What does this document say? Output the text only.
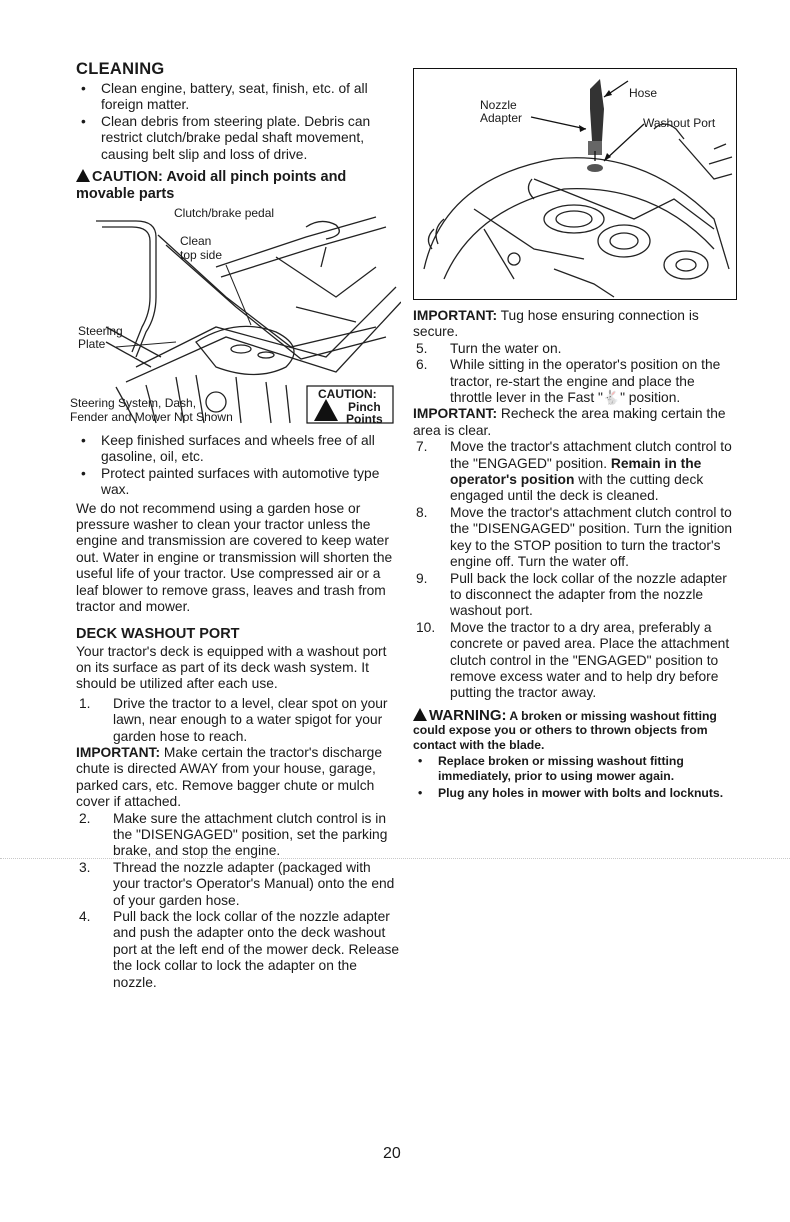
CLEANING
• Clean engine, battery, seat, finish, etc. of all foreign matter.
• Clean debris from steering plate. Debris can restrict clutch/brake pedal shaft movement, causing belt slip and loss of drive.
CAUTION: Avoid all pinch points and movable parts
Clutch/brake pedal
Clean
top side
Steering
Plate
Steering System, Dash,
Fender and Mower Not Shown
CAUTION:
Pinch
Points
• Keep finished surfaces and wheels free of all gasoline, oil, etc.
• Protect painted surfaces with automotive type wax.

We do not recommend using a garden hose or pressure washer to clean your tractor unless the engine and transmission are covered to keep water out. Water in engine or transmission will shorten the useful life of your tractor. Use compressed air or a leaf blower to remove grass, leaves and trash from tractor and mower.

DECK WASHOUT PORT

Your tractor's deck is equipped with a washout port on its surface as part of its deck wash system. It should be utilized after each use.

1. Drive the tractor to a level, clear spot on your lawn, near enough to a water spigot for your garden hose to reach.

IMPORTANT: Make certain the tractor's discharge chute is directed AWAY from your house, garage, parked cars, etc. Remove bagger chute or mulch cover if attached.

2. Make sure the attachment clutch control is in the "DISENGAGED" position, set the parking brake, and stop the engine.
3. Thread the nozzle adapter (packaged with your tractor's Operator's Manual) onto the end of your garden hose.
4. Pull back the lock collar of the nozzle adapter and push the adapter onto the deck washout port at the left end of the mower deck. Release the lock collar to lock the adapter on the nozzle.
Nozzle
Adapter
Hose
Washout Port

IMPORTANT: Tug hose ensuring connection is secure.

5. Turn the water on.
6. While sitting in the operator's position on the tractor, re-start the engine and place the throttle lever in the Fast "🐇" position.

IMPORTANT: Recheck the area making certain the area is clear.

7. Move the tractor's attachment clutch control to the "ENGAGED" position. Remain in the operator's position with the cutting deck engaged until the deck is cleaned.
8. Move the tractor's attachment clutch control to the "DISENGAGED" position. Turn the ignition key to the STOP position to turn the tractor's engine off. Turn the water off.
9. Pull back the lock collar of the nozzle adapter to disconnect the adapter from the nozzle washout port.
10. Move the tractor to a dry area, preferably a concrete or paved area. Place the attachment clutch control in the "ENGAGED" position to remove excess water and to help dry before putting the tractor away.
WARNING: A broken or missing washout fitting could expose you or others to thrown objects from contact with the blade.
• Replace broken or missing washout fitting immediately, prior to using mower again.
• Plug any holes in mower with bolts and locknuts.
20
